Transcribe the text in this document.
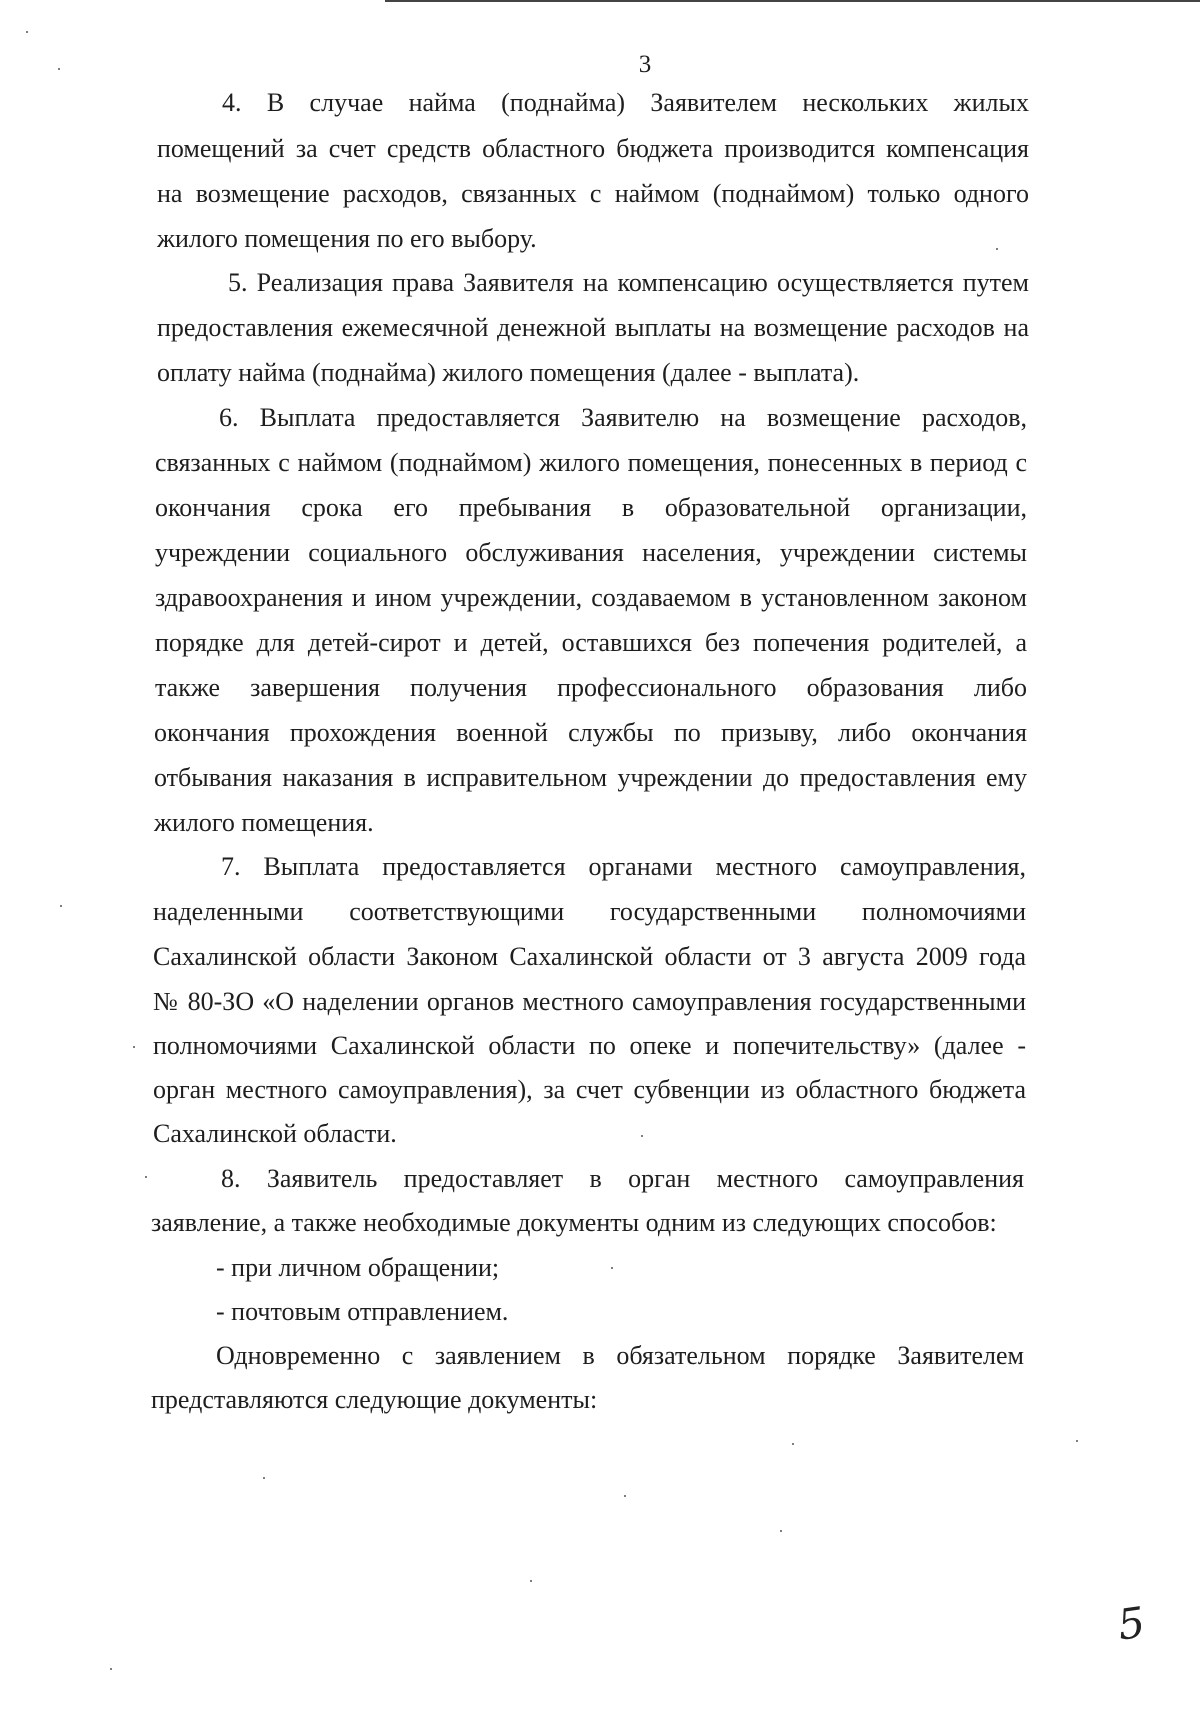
3
4. В случае найма (поднайма) Заявителем нескольких жилых
помещений за счет средств областного бюджета производится компенсация
на возмещение расходов, связанных с наймом (поднаймом) только одного
жилого помещения по его выбору.
5. Реализация права Заявителя на компенсацию осуществляется путем
предоставления ежемесячной денежной выплаты на возмещение расходов на
оплату найма (поднайма) жилого помещения (далее - выплата).
6. Выплата предоставляется Заявителю на возмещение расходов,
связанных с наймом (поднаймом) жилого помещения, понесенных в период с
окончания срока его пребывания в образовательной организации,
учреждении социального обслуживания населения, учреждении системы
здравоохранения и ином учреждении, создаваемом в установленном законом
порядке для детей-сирот и детей, оставшихся без попечения родителей, а
также завершения получения профессионального образования либо
окончания прохождения военной службы по призыву, либо окончания
отбывания наказания в исправительном учреждении до предоставления ему
жилого помещения.
7. Выплата предоставляется органами местного самоуправления,
наделенными соответствующими государственными полномочиями
Сахалинской области Законом Сахалинской области от 3 августа 2009 года
№ 80-ЗО «О наделении органов местного самоуправления государственными
полномочиями Сахалинской области по опеке и попечительству» (далее -
орган местного самоуправления), за счет субвенции из областного бюджета
Сахалинской области.
8. Заявитель предоставляет в орган местного самоуправления
заявление, а также необходимые документы одним из следующих способов:
- при личном обращении;
- почтовым отправлением.
Одновременно с заявлением в обязательном порядке Заявителем
представляются следующие документы:
5
